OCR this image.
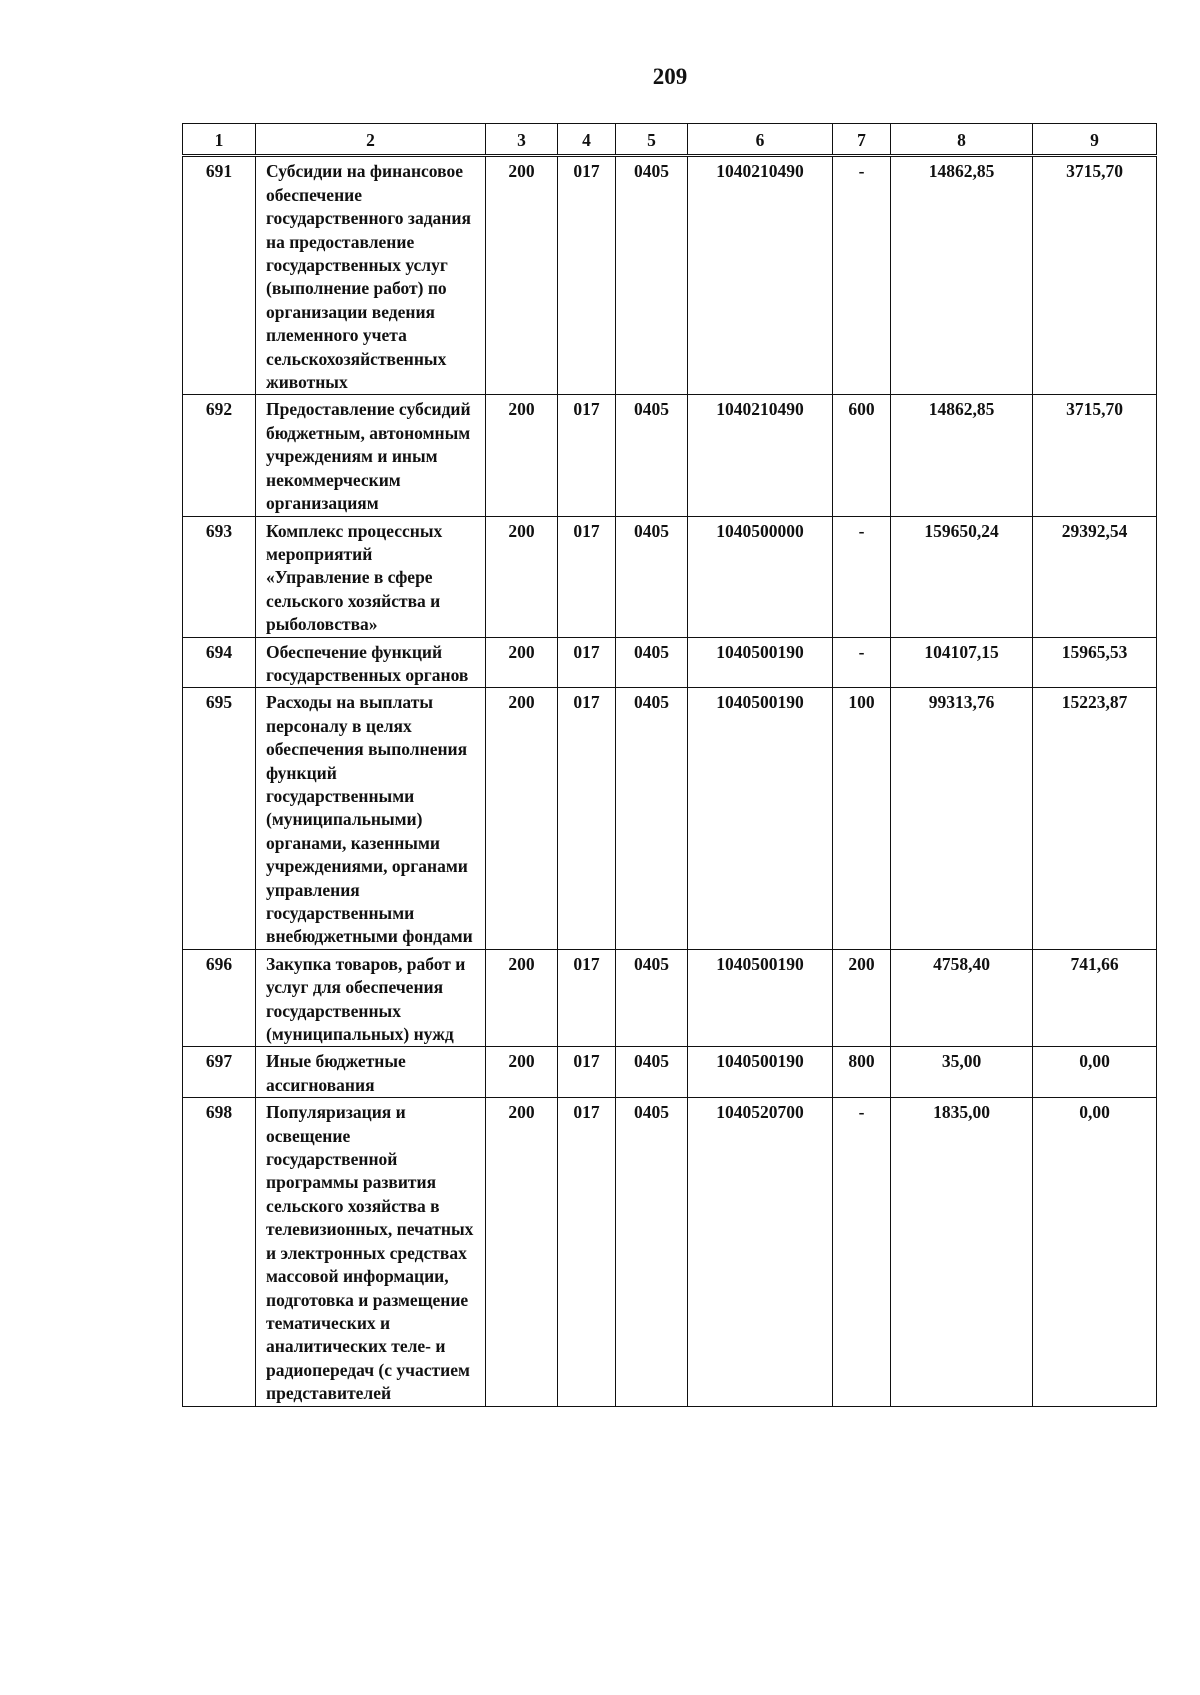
209
1	2	3	4	5	6	7	8	9
691	Субсидии на финансовое обеспечение государственного задания на предоставление государственных услуг (выполнение работ) по организации ведения племенного учета сельскохозяйственных животных	200	017	0405	1040210490	-	14862,85	3715,70
692	Предоставление субсидий бюджетным, автономным учреждениям и иным некоммерческим организациям	200	017	0405	1040210490	600	14862,85	3715,70
693	Комплекс процессных мероприятий «Управление в сфере сельского хозяйства и рыболовства»	200	017	0405	1040500000	-	159650,24	29392,54
694	Обеспечение функций государственных органов	200	017	0405	1040500190	-	104107,15	15965,53
695	Расходы на выплаты персоналу в целях обеспечения выполнения функций государственными (муниципальными) органами, казенными учреждениями, органами управления государственными внебюджетными фондами	200	017	0405	1040500190	100	99313,76	15223,87
696	Закупка товаров, работ и услуг для обеспечения государственных (муниципальных) нужд	200	017	0405	1040500190	200	4758,40	741,66
697	Иные бюджетные ассигнования	200	017	0405	1040500190	800	35,00	0,00
698	Популяризация и освещение государственной программы развития сельского хозяйства в телевизионных, печатных и электронных средствах массовой информации, подготовка и размещение тематических и аналитических теле- и радиопередач (с участием представителей	200	017	0405	1040520700	-	1835,00	0,00
